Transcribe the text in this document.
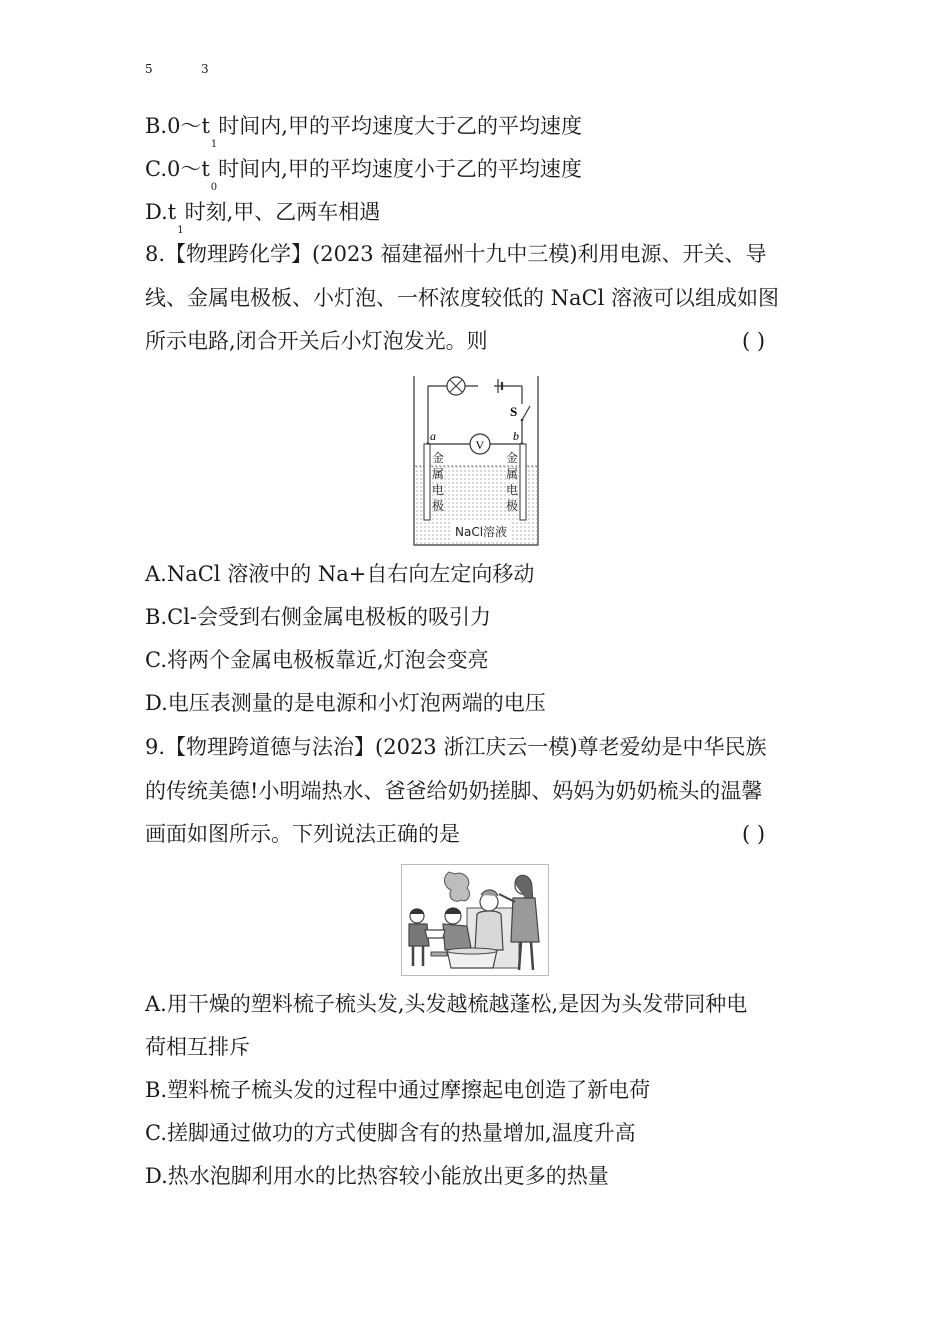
5	3
$B.0\sim t_1$时间内,甲的平均速度大于乙的平均速度
$C.0\sim t_0$时间内,甲的平均速度小于乙的平均速度
$D.t_1$时刻,甲、乙两车相遇
8.【物理跨化学】(2023 福建福州十九中三模)利用电源、开关、导
线、金属电极板、小灯泡、一杯浓度较低的 NaCl 溶液可以组成如图
所示电路,闭合开关后小灯泡发光。则	( )
S
V
a	b
金
属
电
极
金
属
电
极
NaCl溶液
A.NaCl 溶液中的 Na+自右向左定向移动
B.Cl-会受到右侧金属电极板的吸引力
C.将两个金属电极板靠近,灯泡会变亮
D.电压表测量的是电源和小灯泡两端的电压
9.【物理跨道德与法治】(2023 浙江庆云一模)尊老爱幼是中华民族
的传统美德!小明端热水、爸爸给奶奶搓脚、妈妈为奶奶梳头的温馨
画面如图所示。下列说法正确的是	( )
A.用干燥的塑料梳子梳头发,头发越梳越蓬松,是因为头发带同种电
荷相互排斥
B.塑料梳子梳头发的过程中通过摩擦起电创造了新电荷
C.搓脚通过做功的方式使脚含有的热量增加,温度升高
D.热水泡脚利用水的比热容较小能放出更多的热量
